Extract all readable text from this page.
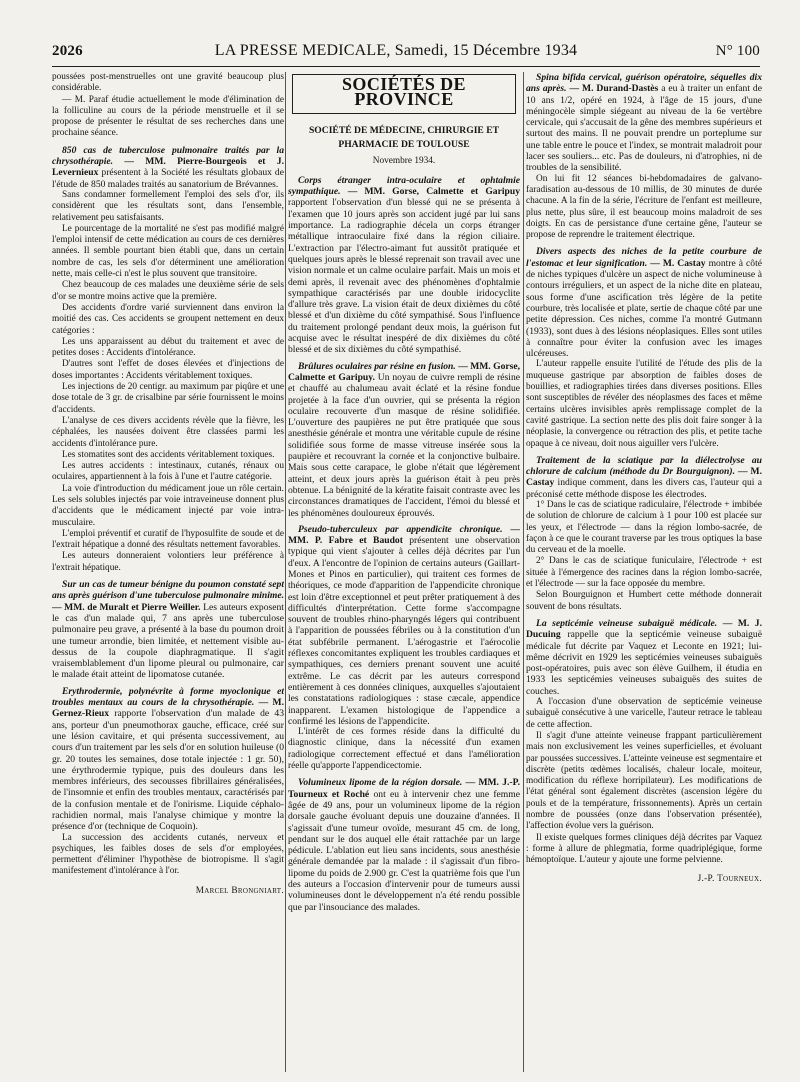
2026	LA PRESSE MEDICALE, Samedi, 15 Décembre 1934	N° 100

poussées post-menstruelles ont une gravité beaucoup plus considérable.

— M. Paraf étudie actuellement le mode d'élimination de la folliculine au cours de la période menstruelle et il se propose de présenter le résultat de ses recherches dans une prochaine séance.

850 cas de tuberculose pulmonaire traités par la chrysothérapie. — MM. Pierre-Bourgeois et J. Levernieux présentent à la Société les résultats globaux de l'étude de 850 malades traités au sanatorium de Brévannes.

Sans condamner formellement l'emploi des sels d'or, ils considèrent que les résultats sont, dans l'ensemble, relativement peu satisfaisants.

Le pourcentage de la mortalité ne s'est pas modifié malgré l'emploi intensif de cette médication au cours de ces dernières années. Il semble pourtant bien établi que, dans un certain nombre de cas, les sels d'or déterminent une amélioration nette, mais celle-ci n'est le plus souvent que transitoire.

Chez beaucoup de ces malades une deuxième série de sels d'or se montre moins active que la première.

Des accidents d'ordre varié surviennent dans environ la moitié des cas. Ces accidents se groupent nettement en deux catégories :

Les uns apparaissent au début du traitement et avec de petites doses : Accidents d'intolérance.

D'autres sont l'effet de doses élevées et d'injections de doses importantes : Accidents véritablement toxiques.

Les injections de 20 centigr. au maximum par piqûre et une dose totale de 3 gr. de crisalbine par série fournissent le moins d'accidents.

L'analyse de ces divers accidents révèle que la fièvre, les céphalées, les nausées doivent être classées parmi les accidents d'intolérance pure.

Les stomatites sont des accidents véritablement toxiques.

Les autres accidents : intestinaux, cutanés, rénaux ou oculaires, appartiennent à la fois à l'une et l'autre catégorie.

La voie d'introduction du médicament joue un rôle certain. Les sels solubles injectés par voie intraveineuse donnent plus d'accidents que le médicament injecté par voie intra-musculaire.

L'emploi préventif et curatif de l'hyposulfite de soude et de l'extrait hépatique a donné des résultats nettement favorables.

Les auteurs donneraient volontiers leur préférence à l'extrait hépatique.

Sur un cas de tumeur bénigne du poumon constaté sept ans après guérison d'une tuberculose pulmonaire minime. — MM. de Muralt et Pierre Weiller. Les auteurs exposent le cas d'un malade qui, 7 ans après une tuberculose pulmonaire peu grave, a présenté à la base du poumon droit une tumeur arrondie, bien limitée, et nettement visible au-dessus de la coupole diaphragmatique. Il s'agit vraisemblablement d'un lipome pleural ou pulmonaire, car le malade était atteint de lipomatose cutanée.
Erythrodermie, polynévrite à forme myoclonique et troubles mentaux au cours de la chrysothérapie. — M. Gernez-Rieux rapporte l'observation d'un malade de 43 ans, porteur d'un pneumothorax gauche, efficace, créé sur une lésion cavitaire, et qui présenta successivement, au cours d'un traitement par les sels d'or en solution huileuse (0 gr. 20 toutes les semaines, dose totale injectée : 1 gr. 50), une érythrodermie typique, puis des douleurs dans les membres inférieurs, des secousses fibrillaires généralisées, de l'insomnie et enfin des troubles mentaux, caractérisés par de la confusion mentale et de l'onirisme. Liquide céphalo-rachidien normal, mais l'analyse chimique y montre la présence d'or (technique de Coquoin).

La succession des accidents cutanés, nerveux et psychiques, les faibles doses de sels d'or employées, permettent d'éliminer l'hypothèse de biotropisme. Il s'agit manifestement d'intolérance à l'or.

Marcel Brongniart.
SOCIÉTÉS DE PROVINCE
SOCIÉTÉ DE MÉDECINE, CHIRURGIE ET PHARMACIE DE TOULOUSE
Novembre 1934.
Corps étranger intra-oculaire et ophtalmie sympathique. — MM. Gorse, Calmette et Garipuy rapportent l'observation d'un blessé qui ne se présenta à l'examen que 10 jours après son accident jugé par lui sans importance. La radiographie décela un corps étranger métallique intraoculaire fixé dans la région ciliaire. L'extraction par l'électro-aimant fut aussitôt pratiquée et quelques jours après le blessé reprenait son travail avec une vision normale et un calme oculaire parfait. Mais un mois et demi après, il revenait avec des phénomènes d'ophtalmie sympathique caractérisés par une double iridocyclite d'allure très grave. La vision était de deux dixièmes du côté blessé et d'un dixième du côté sympathisé. Sous l'influence du traitement prolongé pendant deux mois, la guérison fut acquise avec le résultat inespéré de dix dixièmes du côté blessé et de six dixièmes du côté sympathisé.
Brûlures oculaires par résine en fusion. — MM. Gorse, Calmette et Garipuy. Un noyau de cuivre rempli de résine et chauffé au chalumeau avait éclaté et la résine fondue projetée à la face d'un ouvrier, qui se présenta la région oculaire recouverte d'un masque de résine solidifiée. L'ouverture des paupières ne put être pratiquée que sous anesthésie générale et montra une véritable cupule de résine solidifiée sous forme de masse vitreuse insérée sous la paupière et recouvrant la cornée et la conjonctive bulbaire. Mais sous cette carapace, le globe n'était que légèrement atteint, et deux jours après la guérison était à peu près obtenue. La bénignité de la kératite faisait contraste avec les circonstances dramatiques de l'accident, l'émoi du blessé et les phénomènes douloureux éprouvés.
Pseudo-tuberculeux par appendicite chronique. — MM. P. Fabre et Baudot présentent une observation typique qui vient s'ajouter à celles déjà décrites par l'un d'eux. A l'encontre de l'opinion de certains auteurs (Gaillart-Mones et Pinos en particulier), qui traitent ces formes de théoriques, ce mode d'apparition de l'appendicite chronique est loin d'être exceptionnel et peut prêter pratiquement à des difficultés d'interprétation. Cette forme s'accompagne souvent de troubles rhino-pharyngés légers qui contribuent à l'apparition de poussées fébriles ou à la constitution d'un état subfébrile permanent. L'aérogastrie et l'aérocolie réflexes concomitantes expliquent les troubles cardiaques et sympathiques, ces derniers prenant souvent une acuité extrême. Le cas décrit par les auteurs correspond entièrement à ces données cliniques, auxquelles s'ajoutaient les constatations radiologiques : stase cæcale, appendice inapparent. L'examen histologique de l'appendice a confirmé les lésions de l'appendicite.

L'intérêt de ces formes réside dans la difficulté du diagnostic clinique, dans la nécessité d'un examen radiologique correctement effectué et dans l'amélioration réelle qu'apporte l'appendicectomie.

Volumineux lipome de la région dorsale. — MM. J.-P. Tourneux et Roché ont eu à intervenir chez une femme âgée de 49 ans, pour un volumineux lipome de la région dorsale gauche évoluant depuis une douzaine d'années. Il s'agissait d'une tumeur ovoïde, mesurant 45 cm. de long, pendant sur le dos auquel elle était rattachée par un large pédicule. L'ablation eut lieu sans incidents, sous anesthésie générale demandée par la malade : il s'agissait d'un fibro-lipome du poids de 2.900 gr. C'est la quatrième fois que l'un des auteurs a l'occasion d'intervenir pour de tumeurs aussi volumineuses dont le développement n'a été rendu possible que par l'insouciance des malades.
Spina bifida cervical, guérison opératoire, séquelles dix ans après. — M. Durand-Dastès a eu à traiter un enfant de 10 ans 1/2, opéré en 1924, à l'âge de 15 jours, d'une méningocèle simple siégeant au niveau de la 6e vertèbre cervicale, qui s'accusait de la gêne des membres supérieurs et surtout des mains. Il ne pouvait prendre un porteplume sur une table entre le pouce et l'index, se montrait maladroit pour lacer ses souliers... etc. Pas de douleurs, ni d'atrophies, ni de troubles de la sensibilité.

On lui fit 12 séances bi-hebdomadaires de galvano-faradisation au-dessous de 10 millis, de 30 minutes de durée chacune. A la fin de la série, l'écriture de l'enfant est meilleure, plus nette, plus sûre, il est beaucoup moins maladroit de ses doigts. En cas de persistance d'une certaine gêne, l'auteur se propose de reprendre le traitement électrique.

Divers aspects des niches de la petite courbure de l'estomac et leur signification. — M. Castay montre à côté de niches typiques d'ulcère un aspect de niche volumineuse à contours irréguliers, et un aspect de la niche dite en plateau, sous forme d'une ascification très légère de la petite courbure, très localisée et plate, sertie de chaque côté par une petite dépression. Ces niches, comme l'a montré Gutmann (1933), sont dues à des lésions néoplasiques. Elles sont utiles à connaître pour éviter la confusion avec les images ulcéreuses.

L'auteur rappelle ensuite l'utilité de l'étude des plis de la muqueuse gastrique par absorption de faibles doses de bouillies, et radiographies tirées dans diverses positions. Elles sont susceptibles de révéler des néoplasmes des faces et même certains ulcères invisibles après remplissage complet de la cavité gastrique. La section nette des plis doit faire songer à la néoplasie, la convergence ou rétraction des plis, et petite tache opaque à ce niveau, doit nous aiguiller vers l'ulcère.

Traitement de la sciatique par la diélectrolyse au chlorure de calcium (méthode du Dr Bourguignon). — M. Castay indique comment, dans les divers cas, l'auteur qui a préconisé cette méthode dispose les électrodes.

1° Dans le cas de sciatique radiculaire, l'électrode + imbibée de solution de chlorure de calcium à 1 pour 100 est placée sur les yeux, et l'électrode — dans la région lombo-sacrée, de façon à ce que le courant traverse par les trous optiques la base du cerveau et de la moelle.

2° Dans le cas de sciatique funiculaire, l'électrode + est située à l'émergence des racines dans la région lombo-sacrée, et l'électrode — sur la face opposée du membre.

Selon Bourguignon et Humbert cette méthode donnerait souvent de bons résultats.

La septicémie veineuse subaiguë médicale. — M. J. Ducuing rappelle que la septicémie veineuse subaiguë médicale fut décrite par Vaquez et Leconte en 1921; lui-même décrivit en 1929 les septicémies veineuses subaiguës post-opératoires, puis avec son élève Guilhem, il étudia en 1933 les septicémies veineuses subaiguës des suites de couches.

A l'occasion d'une observation de septicémie veineuse subaiguë consécutive à une varicelle, l'auteur retrace le tableau de cette affection.

Il s'agit d'une atteinte veineuse frappant particulièrement mais non exclusivement les veines superficielles, et évoluant par poussées successives. L'atteinte veineuse est segmentaire et discrète (petits œdèmes localisés, chaleur locale, moiteur, modification du réflexe horripilateur). Les modifications de l'état général sont également discrètes (ascension légère du pouls et de la température, frissonnements). Après un certain nombre de poussées (onze dans l'observation présentée), l'affection évolue vers la guérison.

Il existe quelques formes cliniques déjà décrites par Vaquez : forme à allure de phlegmatia, forme quadriplégique, forme hémoptoïque. L'auteur y ajoute une forme pelvienne.

J.-P. Tourneux.
